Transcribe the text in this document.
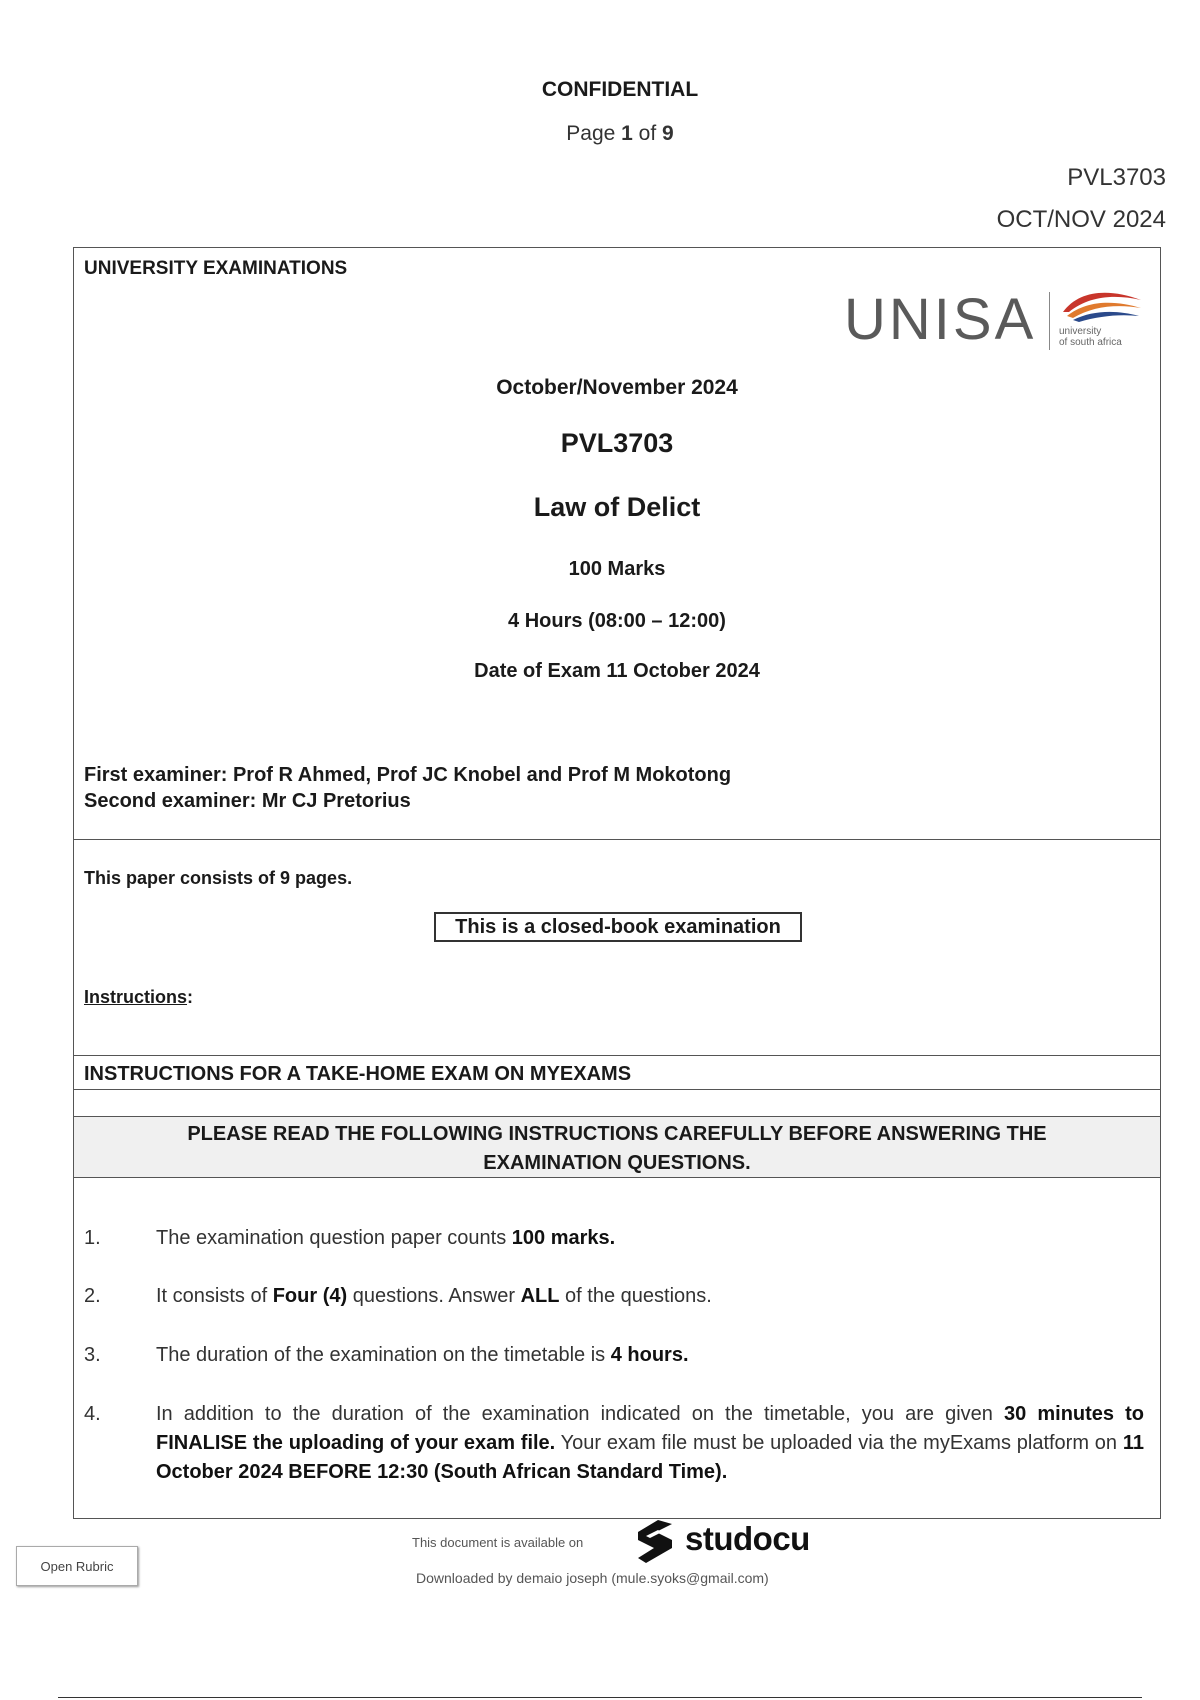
CONFIDENTIAL
Page 1 of 9
PVL3703
OCT/NOV 2024
UNIVERSITY EXAMINATIONS
UNISA university
of south africa
October/November 2024
PVL3703
Law of Delict
100 Marks
4 Hours (08:00 – 12:00)
Date of Exam 11 October 2024
First examiner: Prof R Ahmed, Prof JC Knobel and Prof M Mokotong
Second examiner: Mr CJ Pretorius
This paper consists of 9 pages.
This is a closed-book examination
Instructions:
INSTRUCTIONS FOR A TAKE-HOME EXAM ON MYEXAMS
PLEASE READ THE FOLLOWING INSTRUCTIONS CAREFULLY BEFORE ANSWERING THE
EXAMINATION QUESTIONS.
1.	The examination question paper counts 100 marks.
2.	It consists of Four (4) questions. Answer ALL of the questions.
3.	The duration of the examination on the timetable is 4 hours.
4.	In addition to the duration of the examination indicated on the timetable, you are given 30 minutes to FINALISE the uploading of your exam file. Your exam file must be uploaded via the myExams platform on 11 October 2024 BEFORE 12:30 (South African Standard Time).
Open Rubric
This document is available on	studocu
Downloaded by demaio joseph (mule.syoks@gmail.com)
